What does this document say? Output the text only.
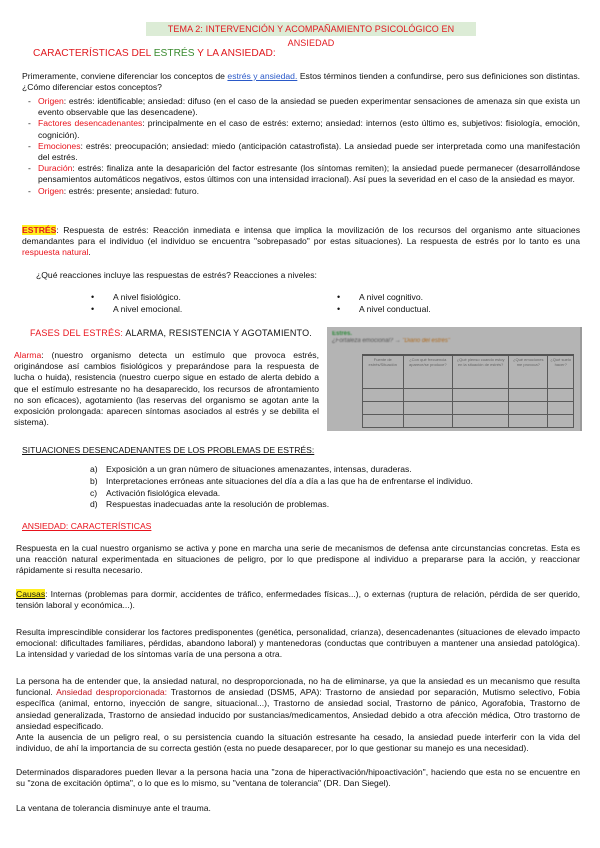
TEMA 2: INTERVENCIÓN Y ACOMPAÑAMIENTO PSICOLÓGICO EN ANSIEDAD
CARACTERÍSTICAS DEL ESTRÉS Y LA ANSIEDAD:
Primeramente, conviene diferenciar los conceptos de estrés y ansiedad. Estos términos tienden a confundirse, pero sus definiciones son distintas. ¿Cómo diferenciar estos conceptos?
- Origen: estrés: identificable; ansiedad: difuso (en el caso de la ansiedad se pueden experimentar sensaciones de amenaza sin que exista un evento observable que las desencadene).
- Factores desencadenantes: principalmente en el caso de estrés: externo; ansiedad: internos (esto último es, subjetivos: fisiología, emoción, cognición).
- Emociones: estrés: preocupación; ansiedad: miedo (anticipación catastrofista). La ansiedad puede ser interpretada como una manifestación del estrés.
- Duración: estrés: finaliza ante la desaparición del factor estresante (los síntomas remiten); la ansiedad puede permanecer (desarrollándose pensamientos automáticos negativos, estos últimos con una intensidad irracional). Así pues la severidad en el caso de la ansiedad es mayor.
- Origen: estrés: presente; ansiedad: futuro.
ESTRÉS: Respuesta de estrés: Reacción inmediata e intensa que implica la movilización de los recursos del organismo ante situaciones demandantes para el individuo (el individuo se encuentra "sobrepasado" por estas situaciones). La respuesta de estrés por lo tanto es una respuesta natural.
¿Qué reacciones incluye las respuestas de estrés? Reacciones a niveles:
• A nivel fisiológico.
• A nivel emocional.
• A nivel cognitivo.
• A nivel conductual.
FASES DEL ESTRÉS: ALARMA, RESISTENCIA Y AGOTAMIENTO.
Alarma: (nuestro organismo detecta un estímulo que provoca estrés, originándose así cambios fisiológicos y preparándose para la respuesta de lucha o huida), resistencia (nuestro cuerpo sigue en estado de alerta debido a que el estímulo estresante no ha desaparecido, los recursos de afrontamiento no son eficaces), agotamiento (las reservas del organismo se agotan ante la exposición prolongada: aparecen síntomas asociados al estrés y se debilita el sistema).
Estrés.
¿Fortaleza emocional? → "Diario del estrés"
Fuente de estrés/Situación	¿Con qué frecuencia aparece/se produce?	¿Qué pienso cuando estoy en la situación de estrés?	¿Qué emociones me provoca?	¿Qué suelo hacer?

SITUACIONES DESENCADENANTES DE LOS PROBLEMAS DE ESTRÉS:
a) Exposición a un gran número de situaciones amenazantes, intensas, duraderas.
b) Interpretaciones erróneas ante situaciones del día a día a las que ha de enfrentarse el individuo.
c) Activación fisiológica elevada.
d) Respuestas inadecuadas ante la resolución de problemas.
ANSIEDAD: CARACTERÍSTICAS
Respuesta en la cual nuestro organismo se activa y pone en marcha una serie de mecanismos de defensa ante circunstancias concretas. Esta es una reacción natural experimentada en situaciones de peligro, por lo que predispone al individuo a prepararse para la acción, y reaccionar rápidamente si resulta necesario.
Causas: Internas (problemas para dormir, accidentes de tráfico, enfermedades físicas...), o externas (ruptura de relación, pérdida de ser querido, tensión laboral y económica...).
Resulta imprescindible considerar los factores predisponentes (genética, personalidad, crianza), desencadenantes (situaciones de elevado impacto emocional: dificultades familiares, pérdidas, abandono laboral) y mantenedoras (conductas que contribuyen a mantener una ansiedad patológica). La intensidad y variedad de los síntomas varía de una persona a otra.
La persona ha de entender que, la ansiedad natural, no desproporcionada, no ha de eliminarse, ya que la ansiedad es un mecanismo que resulta funcional. Ansiedad desproporcionada: Trastornos de ansiedad (DSM5, APA): Trastorno de ansiedad por separación, Mutismo selectivo, Fobia específica (animal, entorno, inyección de sangre, situacional...), Trastorno de ansiedad social, Trastorno de pánico, Agorafobia, Trastorno de ansiedad generalizada, Trastorno de ansiedad inducido por sustancias/medicamentos, Ansiedad debido a otra afección médica, Otro trastorno de ansiedad especificado.
Ante la ausencia de un peligro real, o su persistencia cuando la situación estresante ha cesado, la ansiedad puede interferir con la vida del individuo, de ahí la importancia de su correcta gestión (esta no puede desaparecer, por lo que gestionar su manejo es una necesidad).
Determinados disparadores pueden llevar a la persona hacia una "zona de hiperactivación/hipoactivación", haciendo que esta no se encuentre en su "zona de excitación óptima", o lo que es lo mismo, su "ventana de tolerancia" (DR. Dan Siegel).
La ventana de tolerancia disminuye ante el trauma.
